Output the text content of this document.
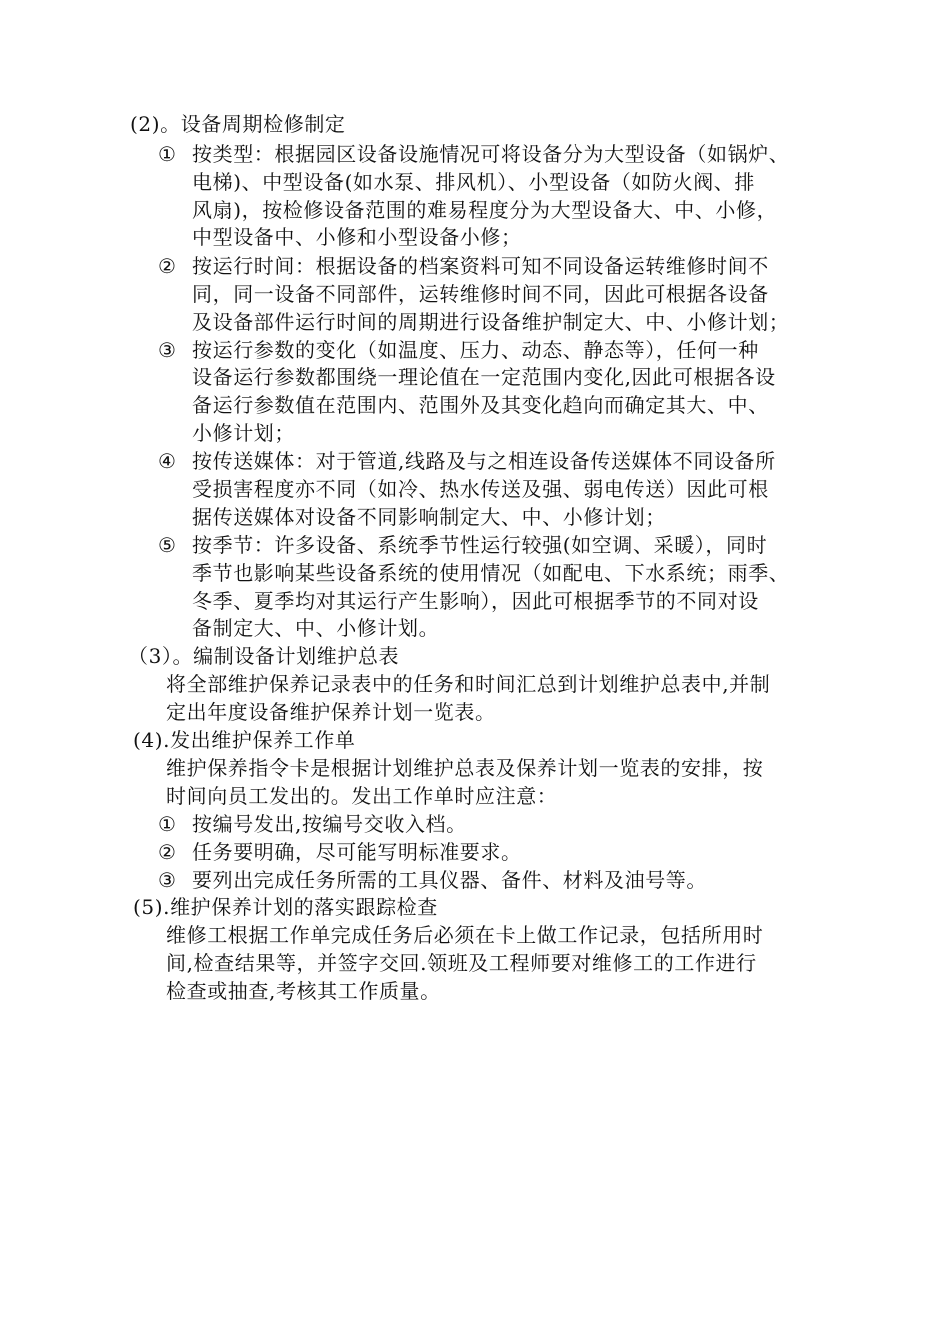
(2)。设备周期检修制定
① 按类型：根据园区设备设施情况可将设备分为大型设备（如锅炉、
电梯)、中型设备(如水泵、排风机）、小型设备（如防火阀、排
风扇)，按检修设备范围的难易程度分为大型设备大、中、小修，
中型设备中、小修和小型设备小修；
② 按运行时间：根据设备的档案资料可知不同设备运转维修时间不
同，同一设备不同部件，运转维修时间不同，因此可根据各设备
及设备部件运行时间的周期进行设备维护制定大、中、小修计划；
③ 按运行参数的变化（如温度、压力、动态、静态等），任何一种
设备运行参数都围绕一理论值在一定范围内变化,因此可根据各设
备运行参数值在范围内、范围外及其变化趋向而确定其大、中、
小修计划；
④ 按传送媒体：对于管道,线路及与之相连设备传送媒体不同设备所
受损害程度亦不同（如冷、热水传送及强、弱电传送）因此可根
据传送媒体对设备不同影响制定大、中、小修计划；
⑤ 按季节：许多设备、系统季节性运行较强(如空调、采暖），同时
季节也影响某些设备系统的使用情况（如配电、下水系统；雨季、
冬季、夏季均对其运行产生影响），因此可根据季节的不同对设
备制定大、中、小修计划。
（3）。编制设备计划维护总表
将全部维护保养记录表中的任务和时间汇总到计划维护总表中,并制
定出年度设备维护保养计划一览表。
(4).发出维护保养工作单
维护保养指令卡是根据计划维护总表及保养计划一览表的安排，按
时间向员工发出的。发出工作单时应注意：
① 按编号发出,按编号交收入档。
② 任务要明确，尽可能写明标准要求。
③ 要列出完成任务所需的工具仪器、备件、材料及油号等。
(5).维护保养计划的落实跟踪检查
维修工根据工作单完成任务后必须在卡上做工作记录，包括所用时
间,检查结果等，并签字交回.领班及工程师要对维修工的工作进行
检查或抽查,考核其工作质量。
